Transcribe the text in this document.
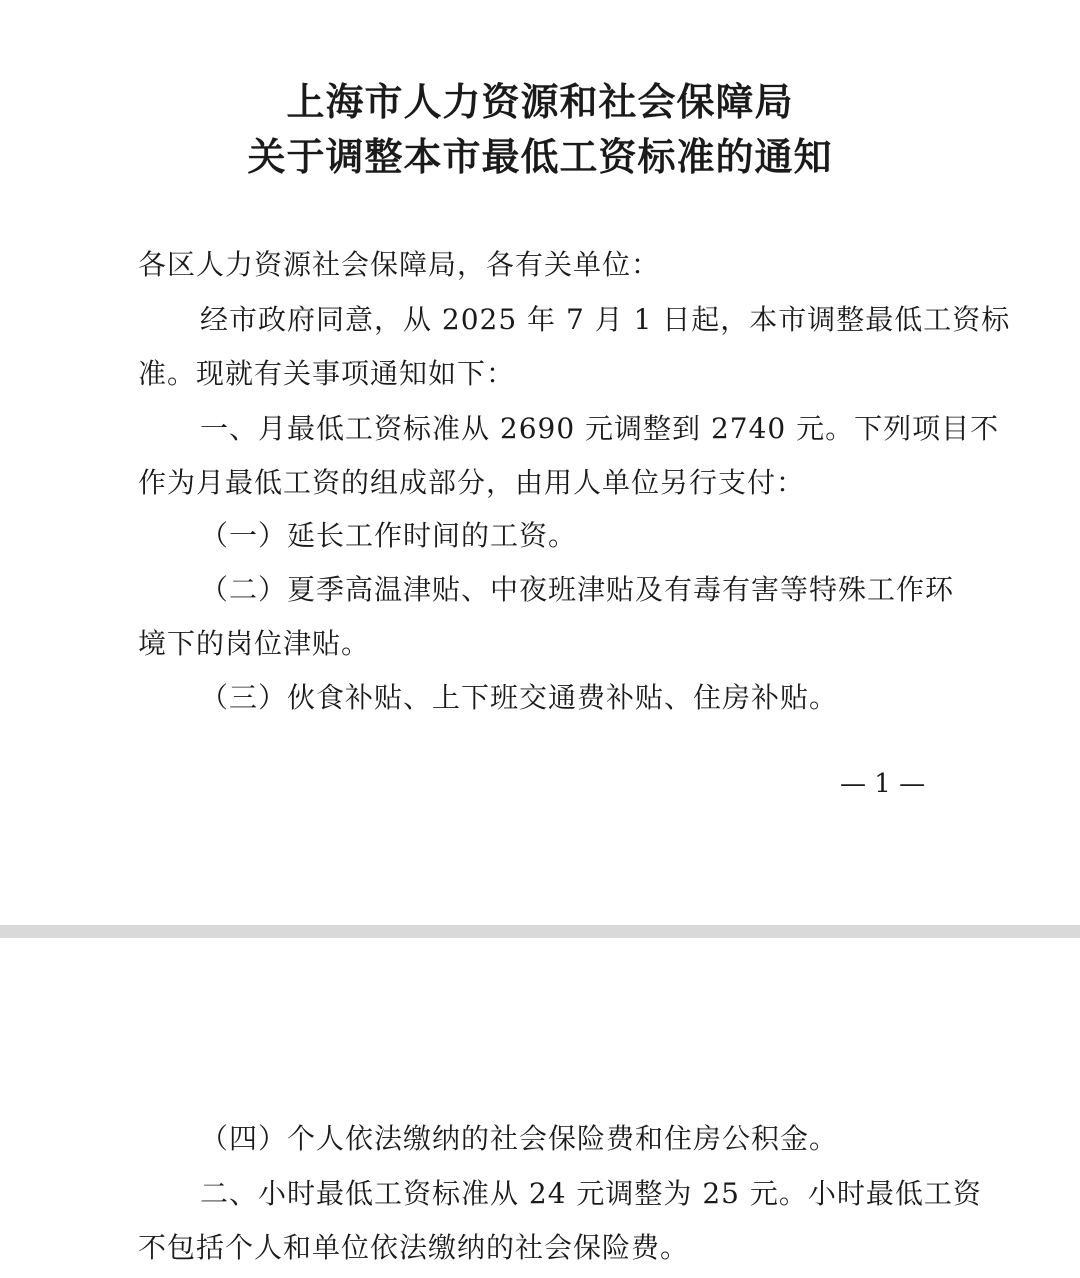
上海市人力资源和社会保障局
关于调整本市最低工资标准的通知
各区人力资源社会保障局，各有关单位：
经市政府同意，从 2025 年 7 月 1 日起，本市调整最低工资标
准。现就有关事项通知如下：
一、月最低工资标准从 2690 元调整到 2740 元。下列项目不
作为月最低工资的组成部分，由用人单位另行支付：
（一）延长工作时间的工资。
（二）夏季高温津贴、中夜班津贴及有毒有害等特殊工作环
境下的岗位津贴。
（三）伙食补贴、上下班交通费补贴、住房补贴。
— 1 —
（四）个人依法缴纳的社会保险费和住房公积金。
二、小时最低工资标准从 24 元调整为 25 元。小时最低工资
不包括个人和单位依法缴纳的社会保险费。
